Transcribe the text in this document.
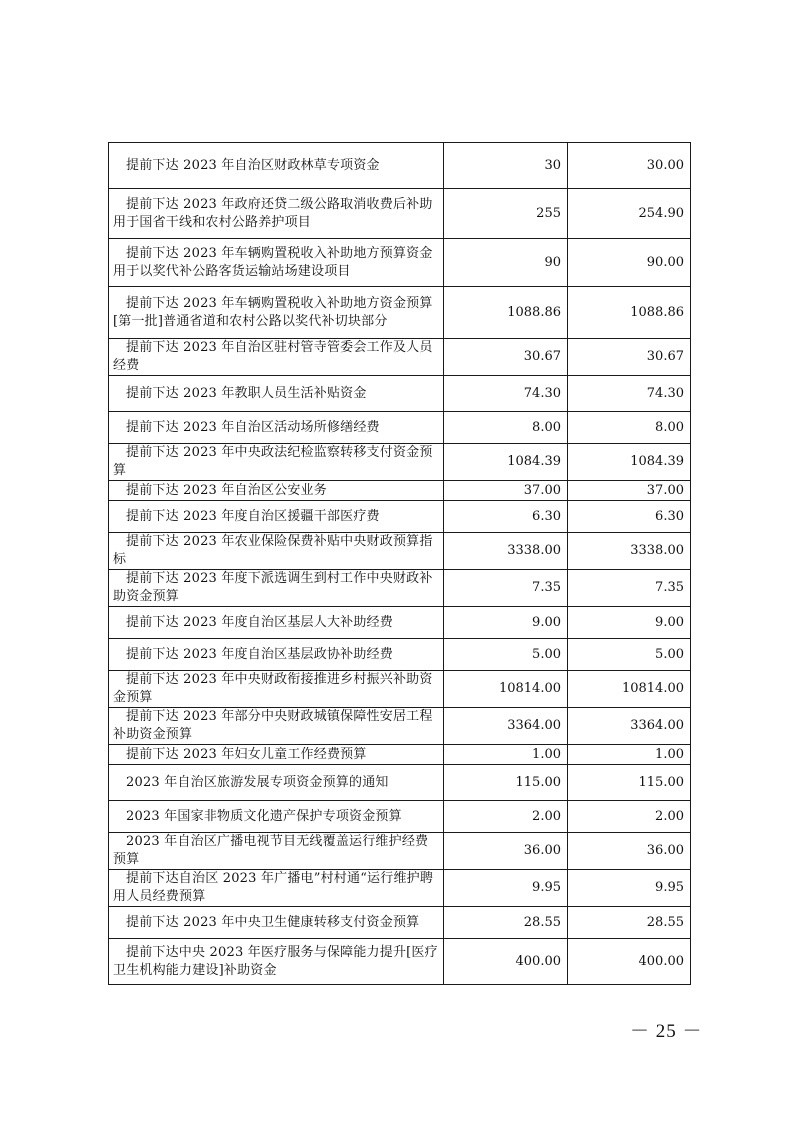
提前下达 2023 年自治区财政林草专项资金	30	30.00
提前下达 2023 年政府还贷二级公路取消收费后补助用于国省干线和农村公路养护项目	255	254.90
提前下达 2023 年车辆购置税收入补助地方预算资金用于以奖代补公路客货运输站场建设项目	90	90.00
提前下达 2023 年车辆购置税收入补助地方资金预算[第一批]普通省道和农村公路以奖代补切块部分	1088.86	1088.86
提前下达 2023 年自治区驻村管寺管委会工作及人员经费	30.67	30.67
提前下达 2023 年教职人员生活补贴资金	74.30	74.30
提前下达 2023 年自治区活动场所修缮经费	8.00	8.00
提前下达 2023 年中央政法纪检监察转移支付资金预算	1084.39	1084.39
提前下达 2023 年自治区公安业务	37.00	37.00
提前下达 2023 年度自治区援疆干部医疗费	6.30	6.30
提前下达 2023 年农业保险保费补贴中央财政预算指标	3338.00	3338.00
提前下达 2023 年度下派选调生到村工作中央财政补助资金预算	7.35	7.35
提前下达 2023 年度自治区基层人大补助经费	9.00	9.00
提前下达 2023 年度自治区基层政协补助经费	5.00	5.00
提前下达 2023 年中央财政衔接推进乡村振兴补助资金预算	10814.00	10814.00
提前下达 2023 年部分中央财政城镇保障性安居工程补助资金预算	3364.00	3364.00
提前下达 2023 年妇女儿童工作经费预算	1.00	1.00
2023 年自治区旅游发展专项资金预算的通知	115.00	115.00
2023 年国家非物质文化遗产保护专项资金预算	2.00	2.00
2023 年自治区广播电视节目无线覆盖运行维护经费预算	36.00	36.00
提前下达自治区 2023 年广播电”村村通“运行维护聘用人员经费预算	9.95	9.95
提前下达 2023 年中央卫生健康转移支付资金预算	28.55	28.55
提前下达中央 2023 年医疗服务与保障能力提升[医疗卫生机构能力建设]补助资金	400.00	400.00
－ 25 －
